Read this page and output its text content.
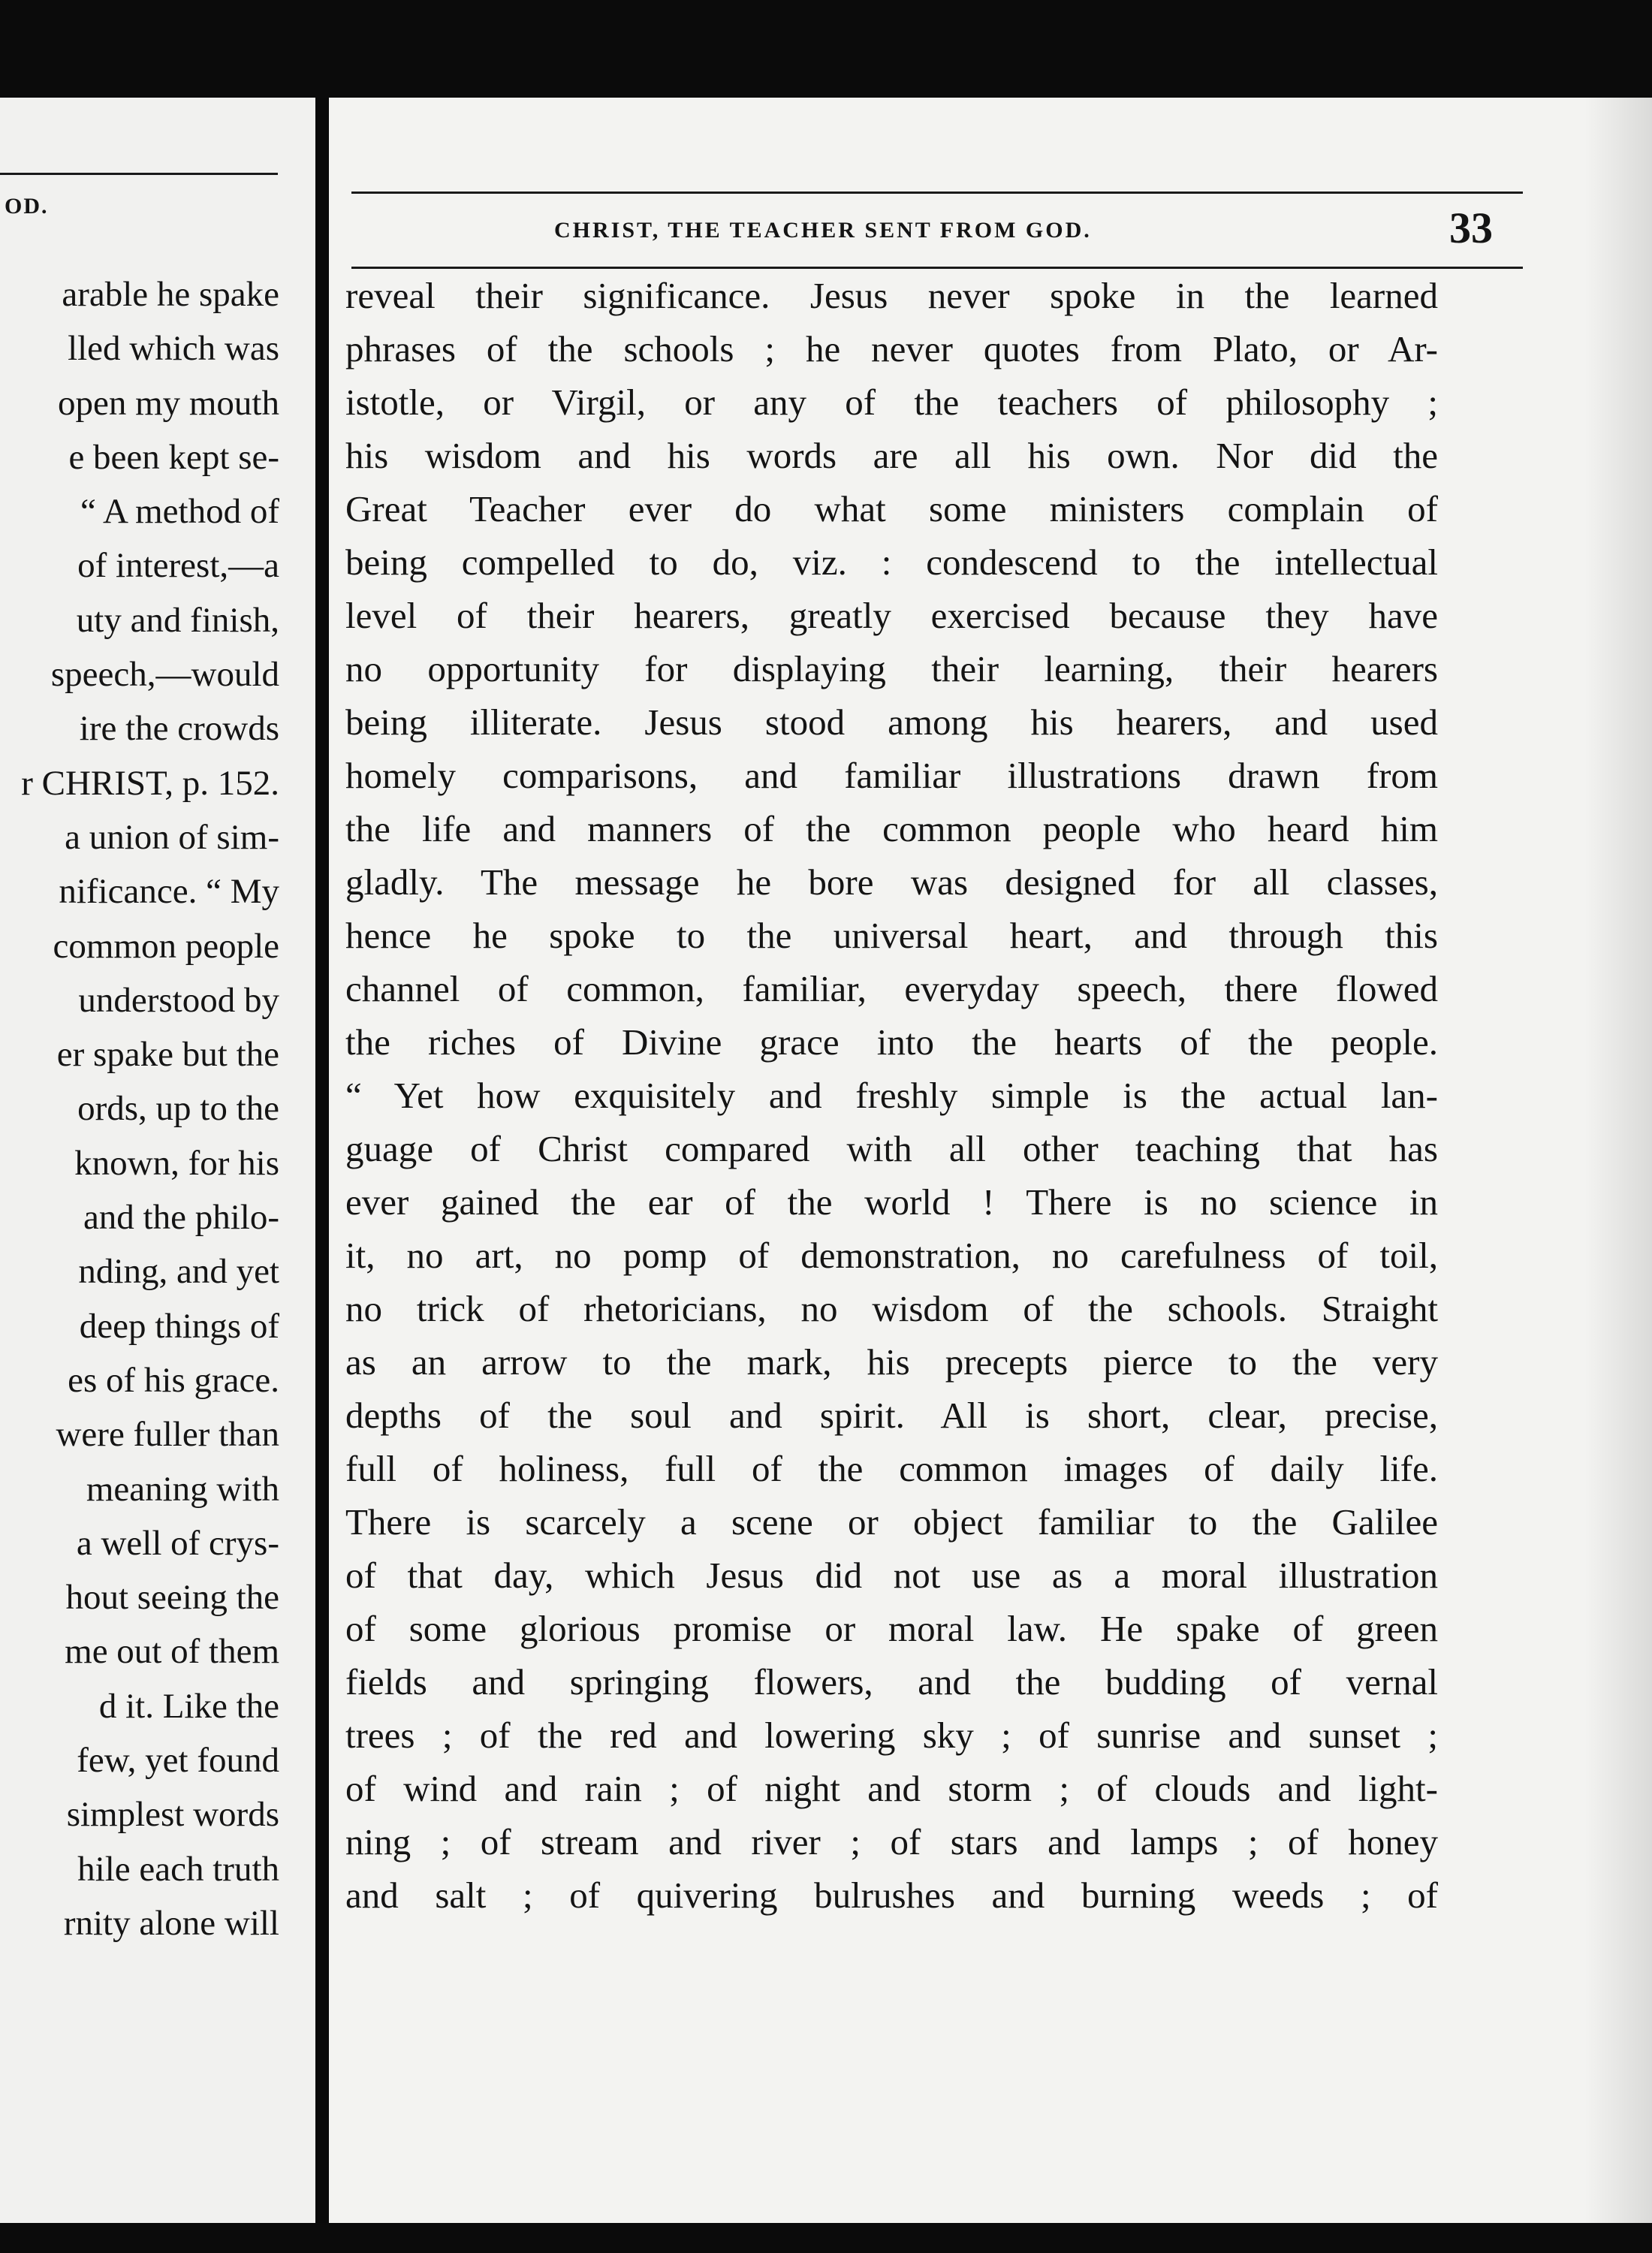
OD.
arable he spake
lled which was
open my mouth
e been kept se-
“ A method of
of interest,—a
uty and finish,
speech,—would
ire the crowds
r CHRIST, p. 152.
a union of sim-
nificance. “ My
common people
understood by
er spake but the
ords, up to the
known, for his
and the philo-
nding, and yet
deep things of
es of his grace.
were fuller than
meaning with
a well of crys-
hout seeing the
me out of them
d it. Like the
few, yet found
simplest words
hile each truth
rnity alone will
CHRIST, THE TEACHER SENT FROM GOD.	33
reveal their significance. Jesus never spoke in the learned
phrases of the schools ; he never quotes from Plato, or Ar-
istotle, or Virgil, or any of the teachers of philosophy ;
his wisdom and his words are all his own. Nor did the
Great Teacher ever do what some ministers complain of
being compelled to do, viz. : condescend to the intellectual
level of their hearers, greatly exercised because they have
no opportunity for displaying their learning, their hearers
being illiterate. Jesus stood among his hearers, and used
homely comparisons, and familiar illustrations drawn from
the life and manners of the common people who heard him
gladly. The message he bore was designed for all classes,
hence he spoke to the universal heart, and through this
channel of common, familiar, everyday speech, there flowed
the riches of Divine grace into the hearts of the people.
“ Yet how exquisitely and freshly simple is the actual lan-
guage of Christ compared with all other teaching that has
ever gained the ear of the world ! There is no science in
it, no art, no pomp of demonstration, no carefulness of toil,
no trick of rhetoricians, no wisdom of the schools. Straight
as an arrow to the mark, his precepts pierce to the very
depths of the soul and spirit. All is short, clear, precise,
full of holiness, full of the common images of daily life.
There is scarcely a scene or object familiar to the Galilee
of that day, which Jesus did not use as a moral illustration
of some glorious promise or moral law. He spake of green
fields and springing flowers, and the budding of vernal
trees ; of the red and lowering sky ; of sunrise and sunset ;
of wind and rain ; of night and storm ; of clouds and light-
ning ; of stream and river ; of stars and lamps ; of honey
and salt ; of quivering bulrushes and burning weeds ; of
